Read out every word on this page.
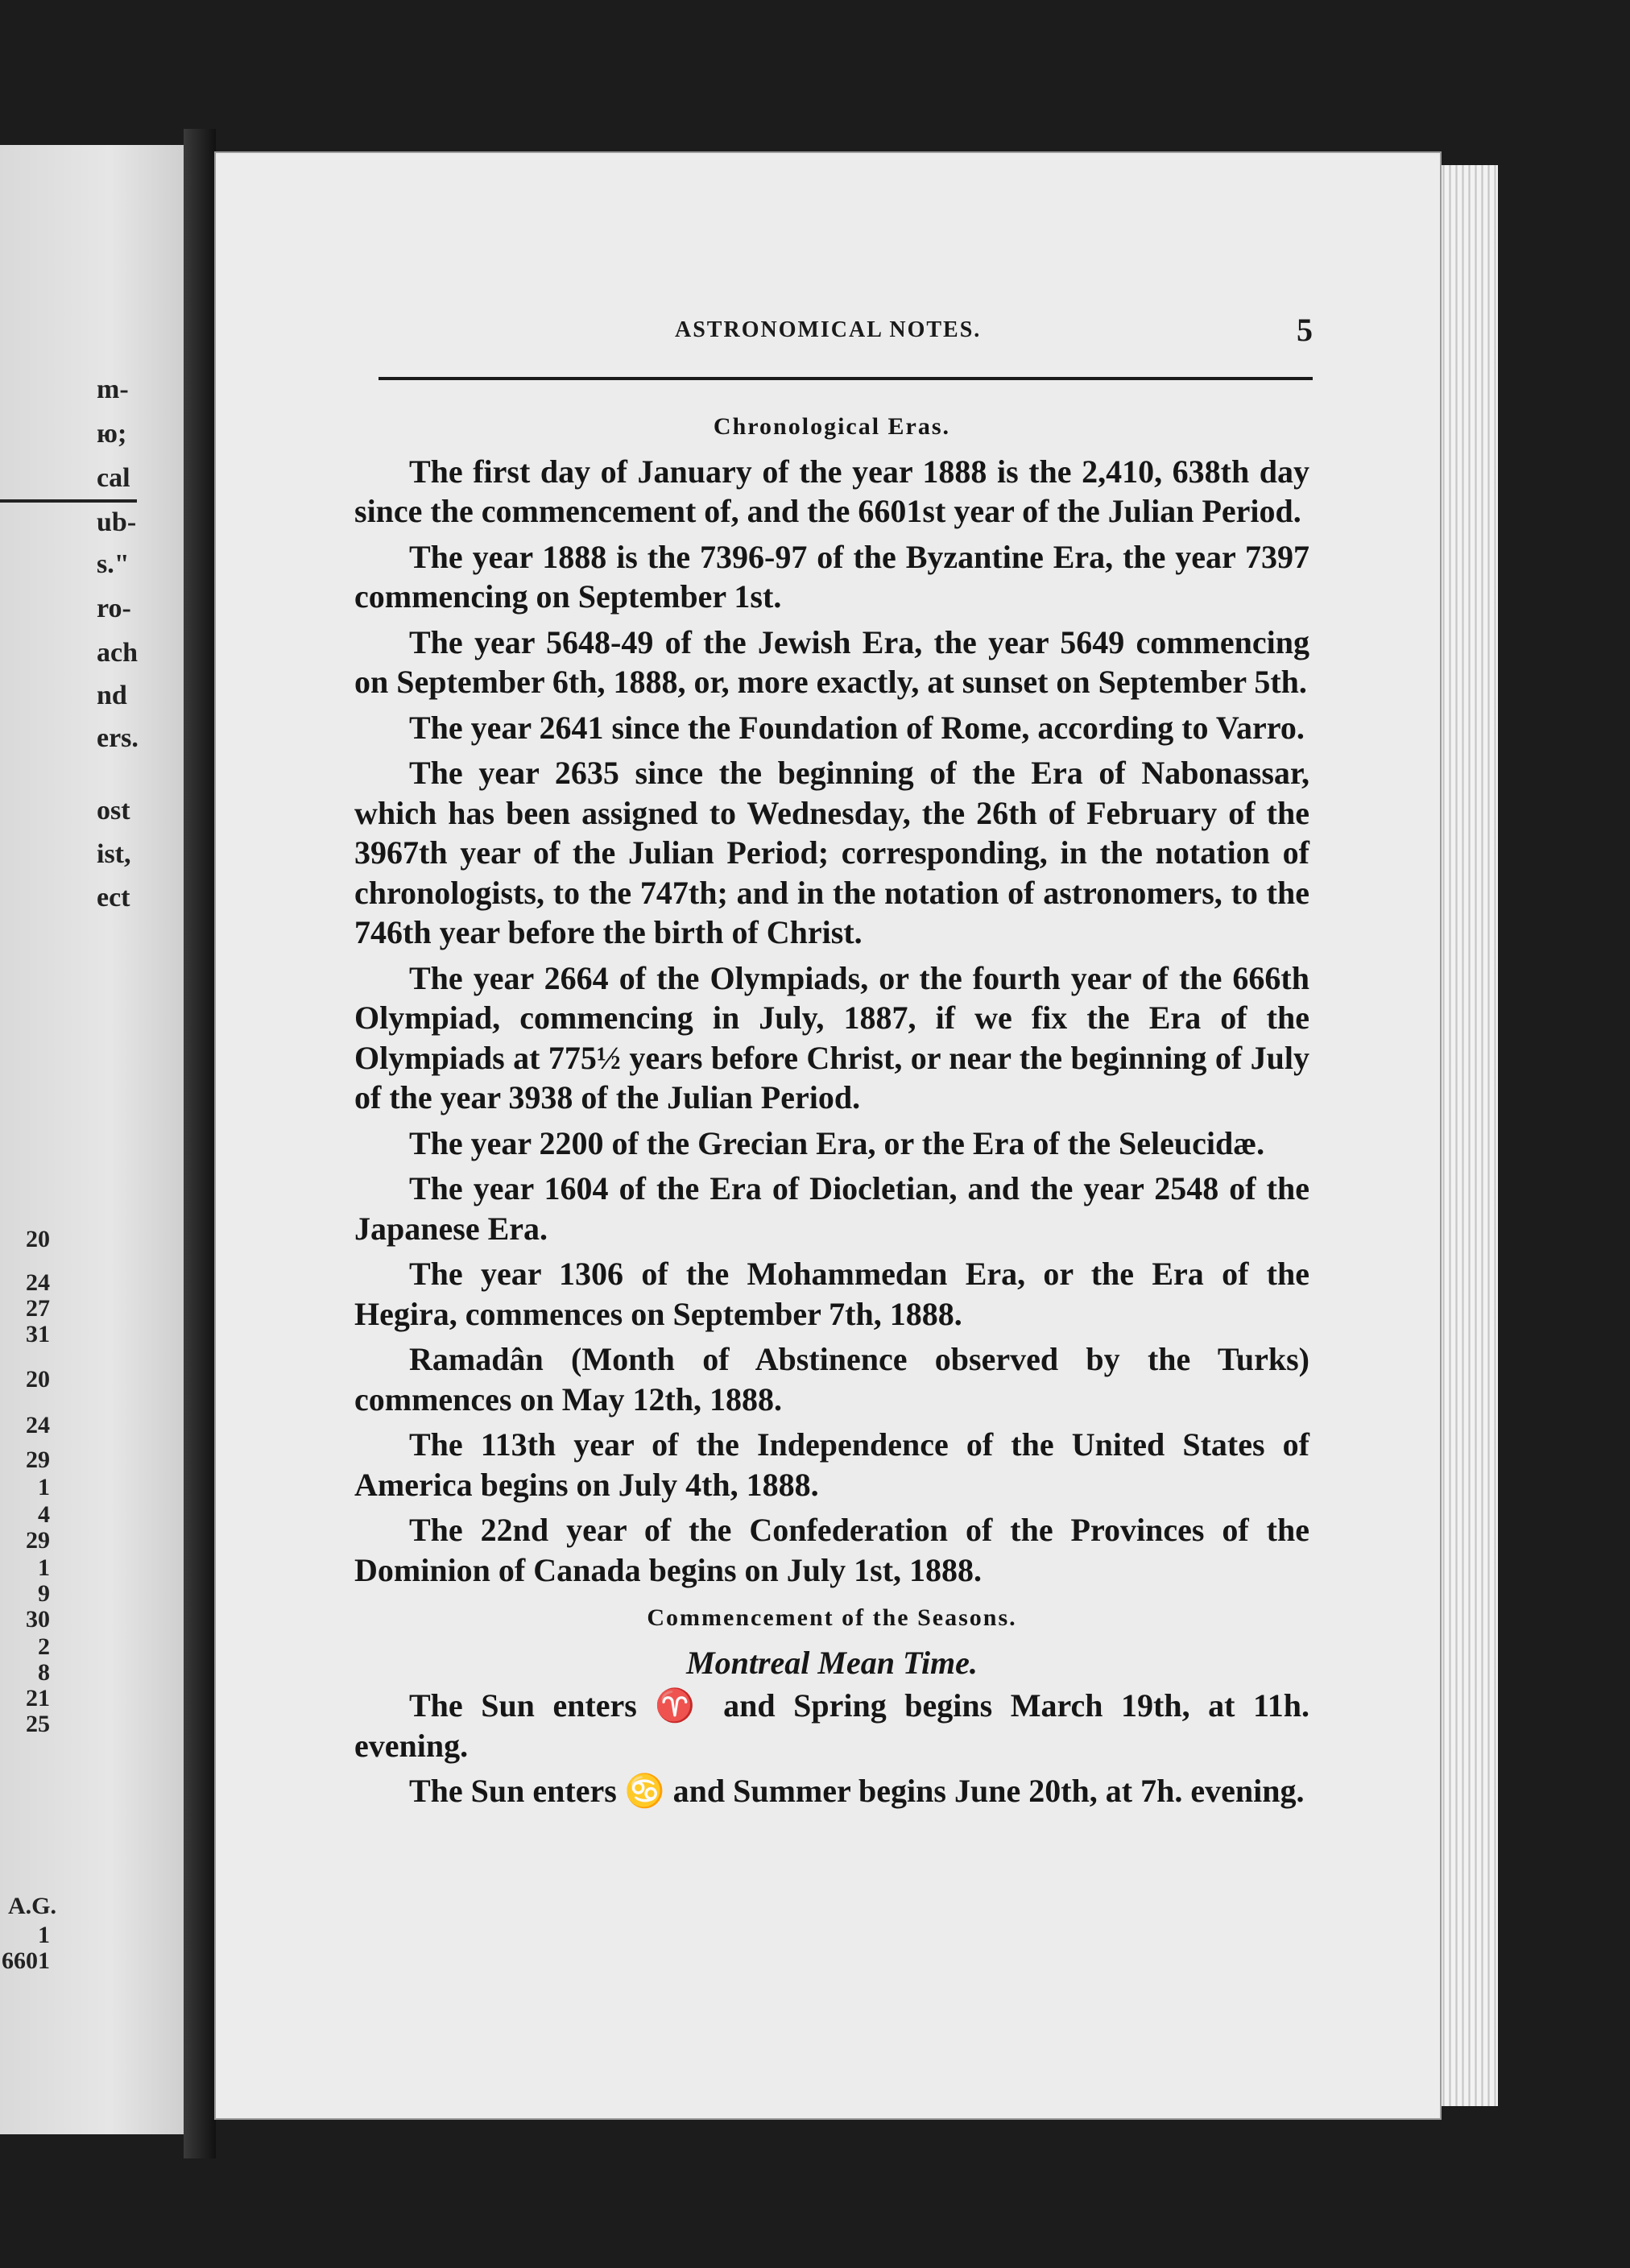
m-
ю;
cal
ub-
s."
ro-
ach
nd
ers.
ost
ist,
ect
20
24
27
31
20
24
29
1
4
29
1
9
30
2
8
21
25
A.G.
1
6601
ASTRONOMICAL NOTES.	5

Chronological Eras.

The first day of January of the year 1888 is the 2,410, 638th day since the commencement of, and the 6601st year of the Julian Period.

The year 1888 is the 7396-97 of the Byzantine Era, the year 7397 commencing on September 1st.

The year 5648-49 of the Jewish Era, the year 5649 commencing on September 6th, 1888, or, more exactly, at sunset on September 5th.

The year 2641 since the Foundation of Rome, according to Varro.

The year 2635 since the beginning of the Era of Nabonassar, which has been assigned to Wednesday, the 26th of February of the 3967th year of the Julian Period; corresponding, in the notation of chronologists, to the 747th; and in the notation of astronomers, to the 746th year before the birth of Christ.

The year 2664 of the Olympiads, or the fourth year of the 666th Olympiad, commencing in July, 1887, if we fix the Era of the Olympiads at 775½ years before Christ, or near the beginning of July of the year 3938 of the Julian Period.

The year 2200 of the Grecian Era, or the Era of the Seleucidæ.

The year 1604 of the Era of Diocletian, and the year 2548 of the Japanese Era.

The year 1306 of the Mohammedan Era, or the Era of the Hegira, commences on September 7th, 1888.

Ramadân (Month of Abstinence observed by the Turks) commences on May 12th, 1888.

The 113th year of the Independence of the United States of America begins on July 4th, 1888.

The 22nd year of the Confederation of the Provinces of the Dominion of Canada begins on July 1st, 1888.

Commencement of the Seasons.

Montreal Mean Time.

The Sun enters ♈ and Spring begins March 19th, at 11h. evening.

The Sun enters ♋ and Summer begins June 20th, at 7h. evening.
